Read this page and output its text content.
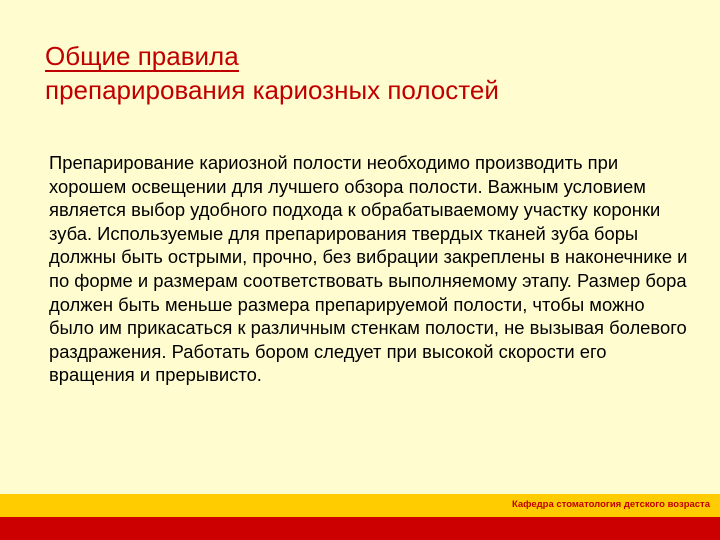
Общие правила
препарирования кариозных полостей

Препарирование кариозной полости необходимо производить при хорошем освещении для лучшего обзора полости. Важным условием является выбор удобного подхода к обрабатываемому участку коронки зуба. Используемые для препарирования твердых тканей зуба боры должны быть острыми, прочно, без вибрации закреплены в наконечнике и по форме и размерам соответствовать выполняемому этапу. Размер бора должен быть меньше размера препарируемой полости, чтобы можно было им прикасаться к различным стенкам полости, не вызывая болевого раздражения. Работать бором следует при высокой скорости его вращения и прерывисто.

Кафедра стоматология детского возраста
